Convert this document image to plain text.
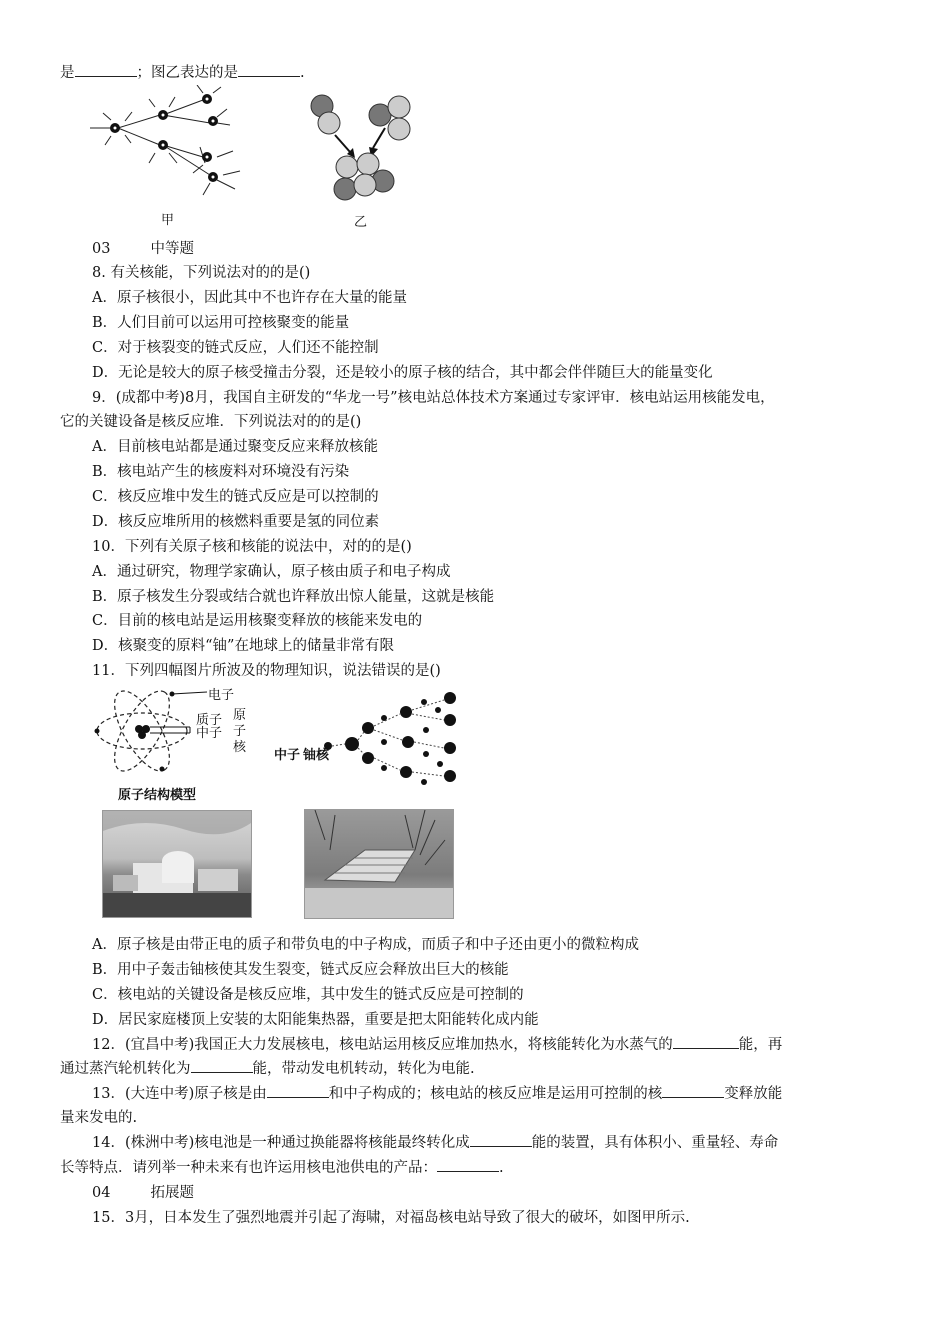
是	；图乙表达的是	.
甲	乙
03	中等题
8. 有关核能，下列说法对的的是()
A．原子核很小，因此其中不也许存在大量的能量
B．人们目前可以运用可控核聚变的能量
C．对于核裂变的链式反应，人们还不能控制
D．无论是较大的原子核受撞击分裂，还是较小的原子核的结合，其中都会伴伴随巨大的能量变化
9．(成都中考)8月，我国自主研发的“华龙一号”核电站总体技术方案通过专家评审．核电站运用核能发电，
它的关键设备是核反应堆．下列说法对的的是()
A．目前核电站都是通过聚变反应来释放核能
B．核电站产生的核废料对环境没有污染
C．核反应堆中发生的链式反应是可以控制的
D．核反应堆所用的核燃料重要是氢的同位素
10．下列有关原子核和核能的说法中，对的的是()
A．通过研究，物理学家确认，原子核由质子和电子构成
B．原子核发生分裂或结合就也许释放出惊人能量，这就是核能
C．目前的核电站是运用核聚变释放的核能来发电的
D．核聚变的原料“铀”在地球上的储量非常有限
11．下列四幅图片所波及的物理知识，说法错误的是()
电子
质子
中子
原子核
原子结构模型
中子 铀核
A．原子核是由带正电的质子和带负电的中子构成，而质子和中子还由更小的微粒构成
B．用中子轰击铀核使其发生裂变，链式反应会释放出巨大的核能
C．核电站的关键设备是核反应堆，其中发生的链式反应是可控制的
D．居民家庭楼顶上安装的太阳能集热器，重要是把太阳能转化成内能
12．(宜昌中考)我国正大力发展核电，核电站运用核反应堆加热水，将核能转化为水蒸气的	能，再
通过蒸汽轮机转化为	能，带动发电机转动，转化为电能.
13．(大连中考)原子核是由	和中子构成的；核电站的核反应堆是运用可控制的核	变释放能
量来发电的.
14．(株洲中考)核电池是一种通过换能器将核能最终转化成	能的装置，具有体积小、重量轻、寿命
长等特点．请列举一种未来有也许运用核电池供电的产品：	.
04	拓展题
15．3月，日本发生了强烈地震并引起了海啸，对福岛核电站导致了很大的破坏，如图甲所示.
